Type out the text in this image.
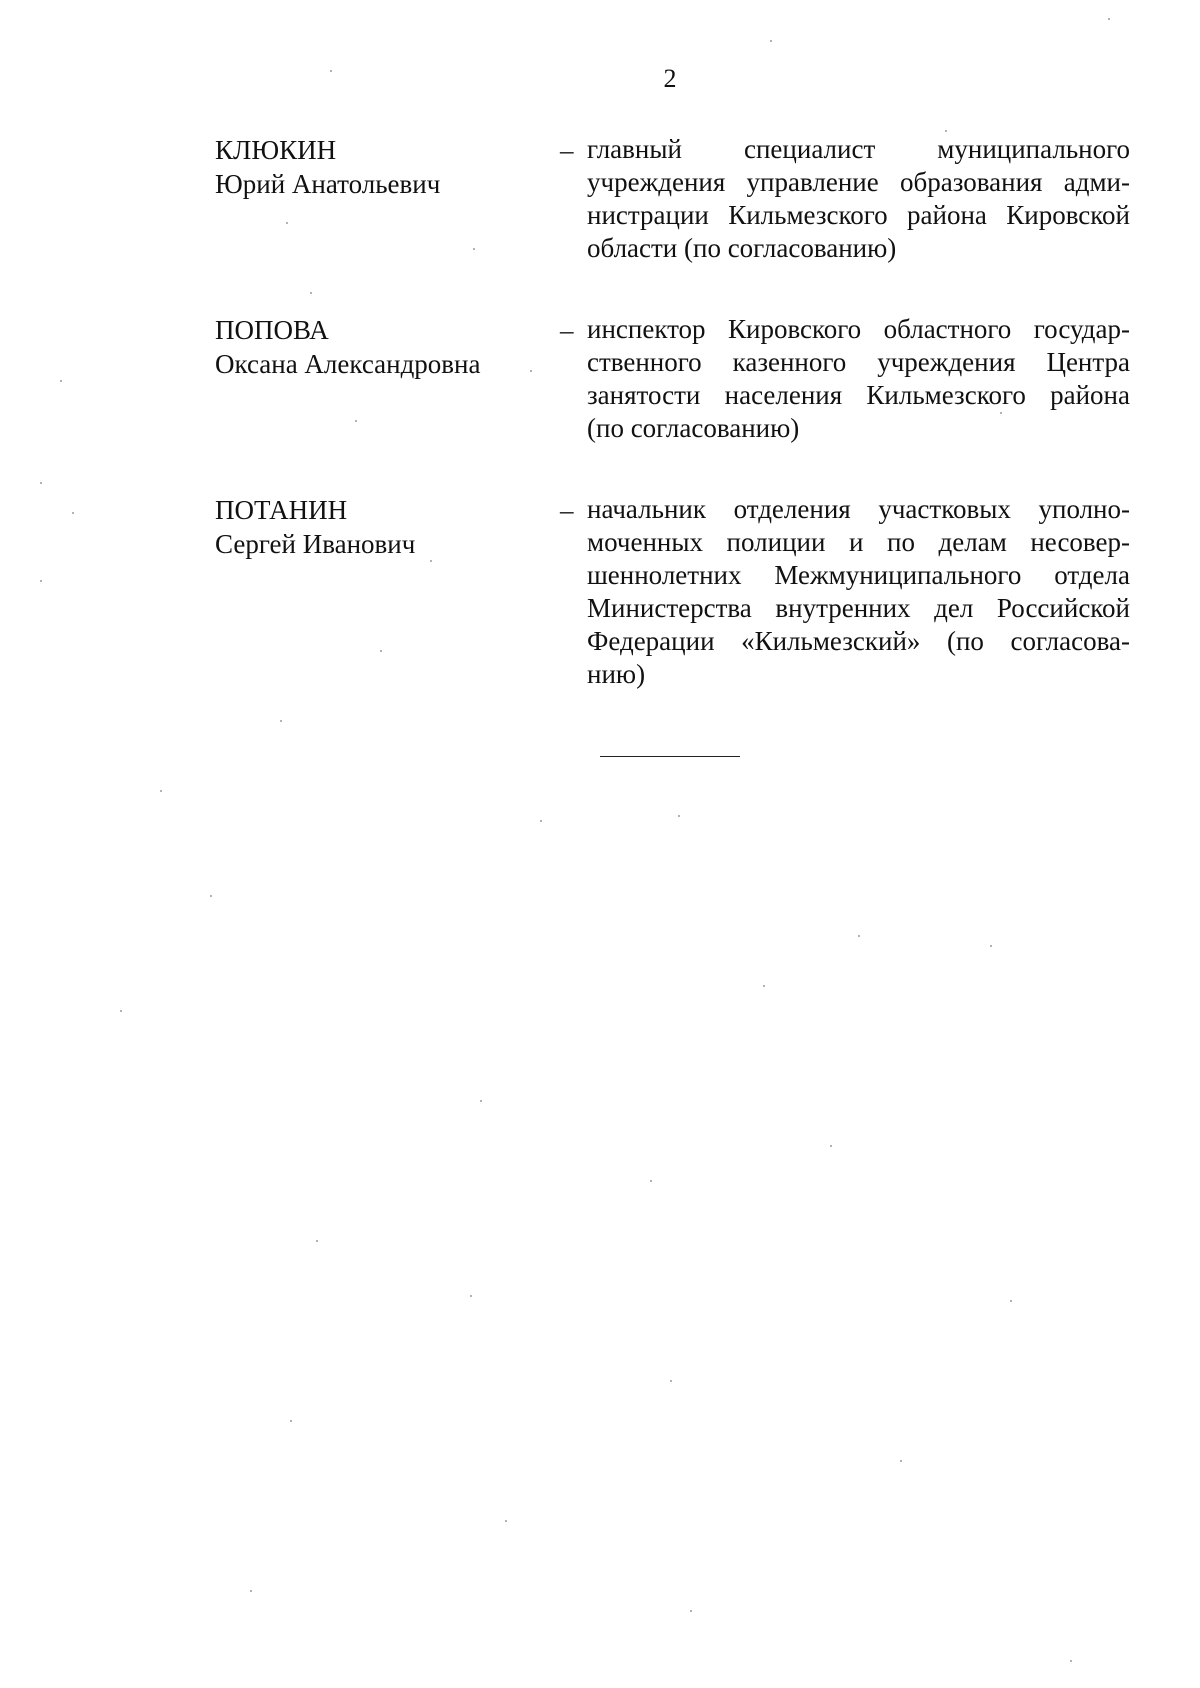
2
КЛЮКИН
Юрий Анатольевич
– главный специалист муниципального
учреждения управление образования адми-
нистрации Кильмезского района Кировской
области (по согласованию)
ПОПОВА
Оксана Александровна
– инспектор Кировского областного государ-
ственного казенного учреждения Центра
занятости населения Кильмезского района
(по согласованию)
ПОТАНИН
Сергей Иванович
– начальник отделения участковых уполно-
моченных полиции и по делам несовер-
шеннолетних Межмуниципального отдела
Министерства внутренних дел Российской
Федерации «Кильмезский» (по согласова-
нию)
